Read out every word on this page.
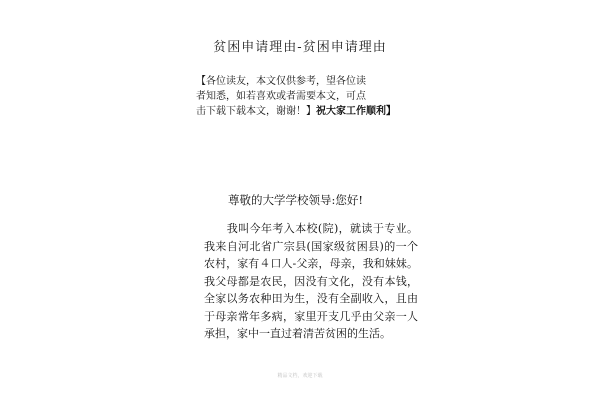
贫困申请理由-贫困申请理由
【各位读友，本文仅供参考，望各位读
者知悉，如若喜欢或者需要本文，可点
击下载下载本文，谢谢！】祝大家工作顺利】
尊敬的大学学校领导:您好!
　　我叫今年考入本校(院)，就读于专业。我来自河北省广宗县(国家级贫困县)的一个农村，家有４口人-父亲，母亲，我和妹妹。我父母都是农民，因没有文化，没有本钱，全家以务农种田为生，没有全副收入，且由于母亲常年多病，家里开支几乎由父亲一人承担，家中一直过着清苦贫困的生活。
精品文档，欢迎下载
